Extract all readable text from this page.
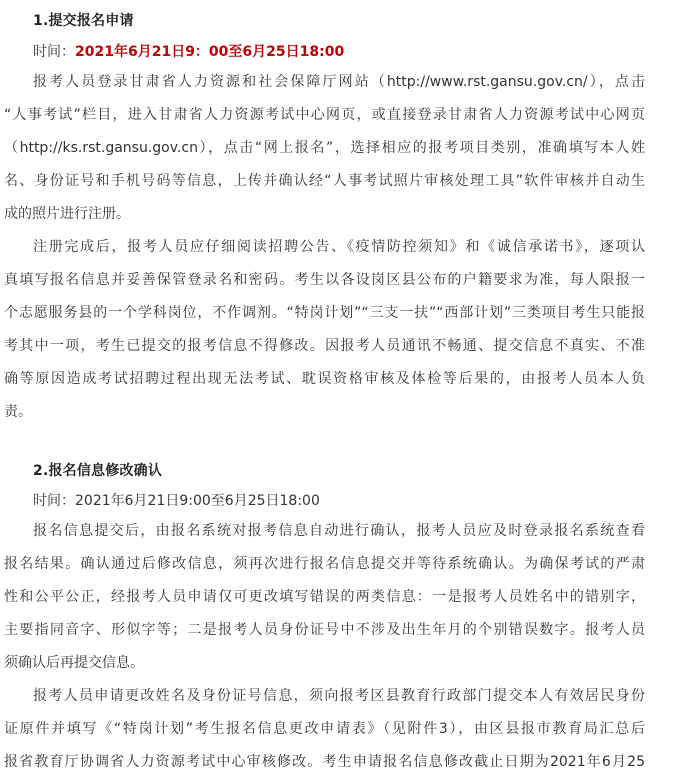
1.提交报名申请
时间：2021年6月21日9：00至6月25日18:00
报考人员登录甘肃省人力资源和社会保障厅网站（http://www.rst.gansu.gov.cn/），点击
“人事考试”栏目，进入甘肃省人力资源考试中心网页，或直接登录甘肃省人力资源考试中心网页
（http://ks.rst.gansu.gov.cn），点击“网上报名”，选择相应的报考项目类别，准确填写本人姓
名、身份证号和手机号码等信息，上传并确认经“人事考试照片审核处理工具”软件审核并自动生
成的照片进行注册。
注册完成后，报考人员应仔细阅读招聘公告、《疫情防控须知》和《诚信承诺书》，逐项认
真填写报名信息并妥善保管登录名和密码。考生以各设岗区县公布的户籍要求为准，每人限报一
个志愿服务县的一个学科岗位，不作调剂。“特岗计划”“三支一扶”“西部计划”三类项目考生只能报
考其中一项，考生已提交的报考信息不得修改。因报考人员通讯不畅通、提交信息不真实、不准
确等原因造成考试招聘过程出现无法考试、耽误资格审核及体检等后果的，由报考人员本人负
责。
2.报名信息修改确认
时间：2021年6月21日9:00至6月25日18:00
报名信息提交后，由报名系统对报考信息自动进行确认，报考人员应及时登录报名系统查看
报名结果。确认通过后修改信息，须再次进行报名信息提交并等待系统确认。为确保考试的严肃
性和公平公正，经报考人员申请仅可更改填写错误的两类信息：一是报考人员姓名中的错别字，
主要指同音字、形似字等；二是报考人员身份证号中不涉及出生年月的个别错误数字。报考人员
须确认后再提交信息。
报考人员申请更改姓名及身份证号信息，须向报考区县教育行政部门提交本人有效居民身份
证原件并填写《“特岗计划”考生报名信息更改申请表》（见附件3），由区县报市教育局汇总后
报省教育厅协调省人力资源考试中心审核修改。考生申请报名信息修改截止日期为2021年6月25
